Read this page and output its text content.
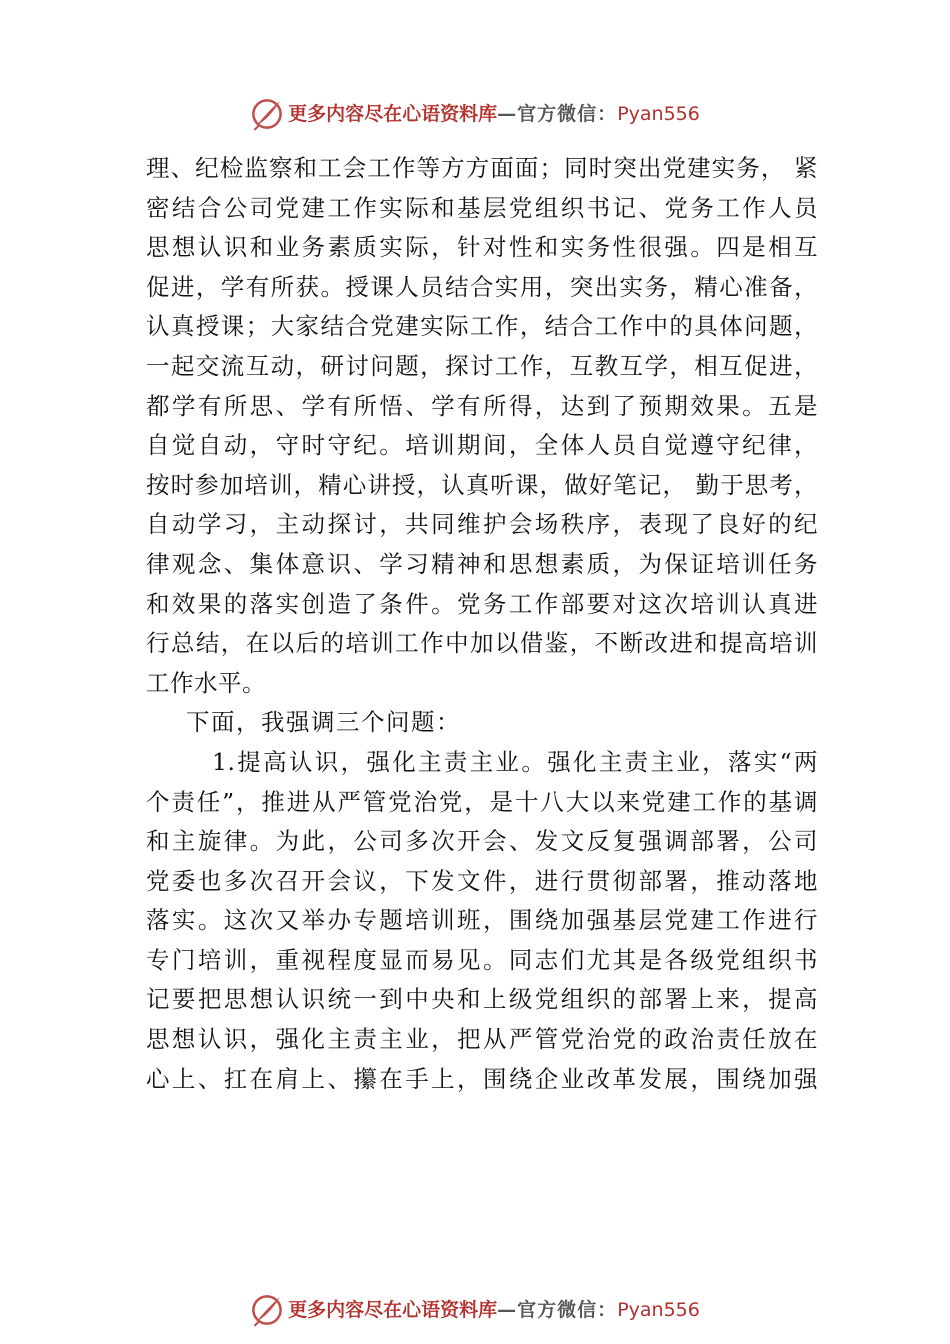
更多内容尽在心语资料库—官方微信：Pyan556
理、纪检监察和工会工作等方方面面；同时突出党建实务， 紧
密结合公司党建工作实际和基层党组织书记、党务工作人员
思想认识和业务素质实际，针对性和实务性很强。四是相互
促进，学有所获。授课人员结合实用，突出实务，精心准备，
认真授课；大家结合党建实际工作，结合工作中的具体问题，
一起交流互动，研讨问题，探讨工作，互教互学，相互促进，
都学有所思、学有所悟、学有所得，达到了预期效果。五是
自觉自动，守时守纪。培训期间，全体人员自觉遵守纪律，
按时参加培训，精心讲授，认真听课，做好笔记， 勤于思考，
自动学习，主动探讨，共同维护会场秩序，表现了良好的纪
律观念、集体意识、学习精神和思想素质，为保证培训任务
和效果的落实创造了条件。党务工作部要对这次培训认真进
行总结，在以后的培训工作中加以借鉴，不断改进和提高培训
工作水平。
下面，我强调三个问题：
1.提高认识，强化主责主业。强化主责主业，落实“两
个责任”，推进从严管党治党，是十八大以来党建工作的基调
和主旋律。为此，公司多次开会、发文反复强调部署，公司
党委也多次召开会议，下发文件，进行贯彻部署，推动落地
落实。这次又举办专题培训班，围绕加强基层党建工作进行
专门培训，重视程度显而易见。同志们尤其是各级党组织书
记要把思想认识统一到中央和上级党组织的部署上来，提高
思想认识，强化主责主业，把从严管党治党的政治责任放在
心上、扛在肩上、攥在手上，围绕企业改革发展，围绕加强
更多内容尽在心语资料库—官方微信：Pyan556
